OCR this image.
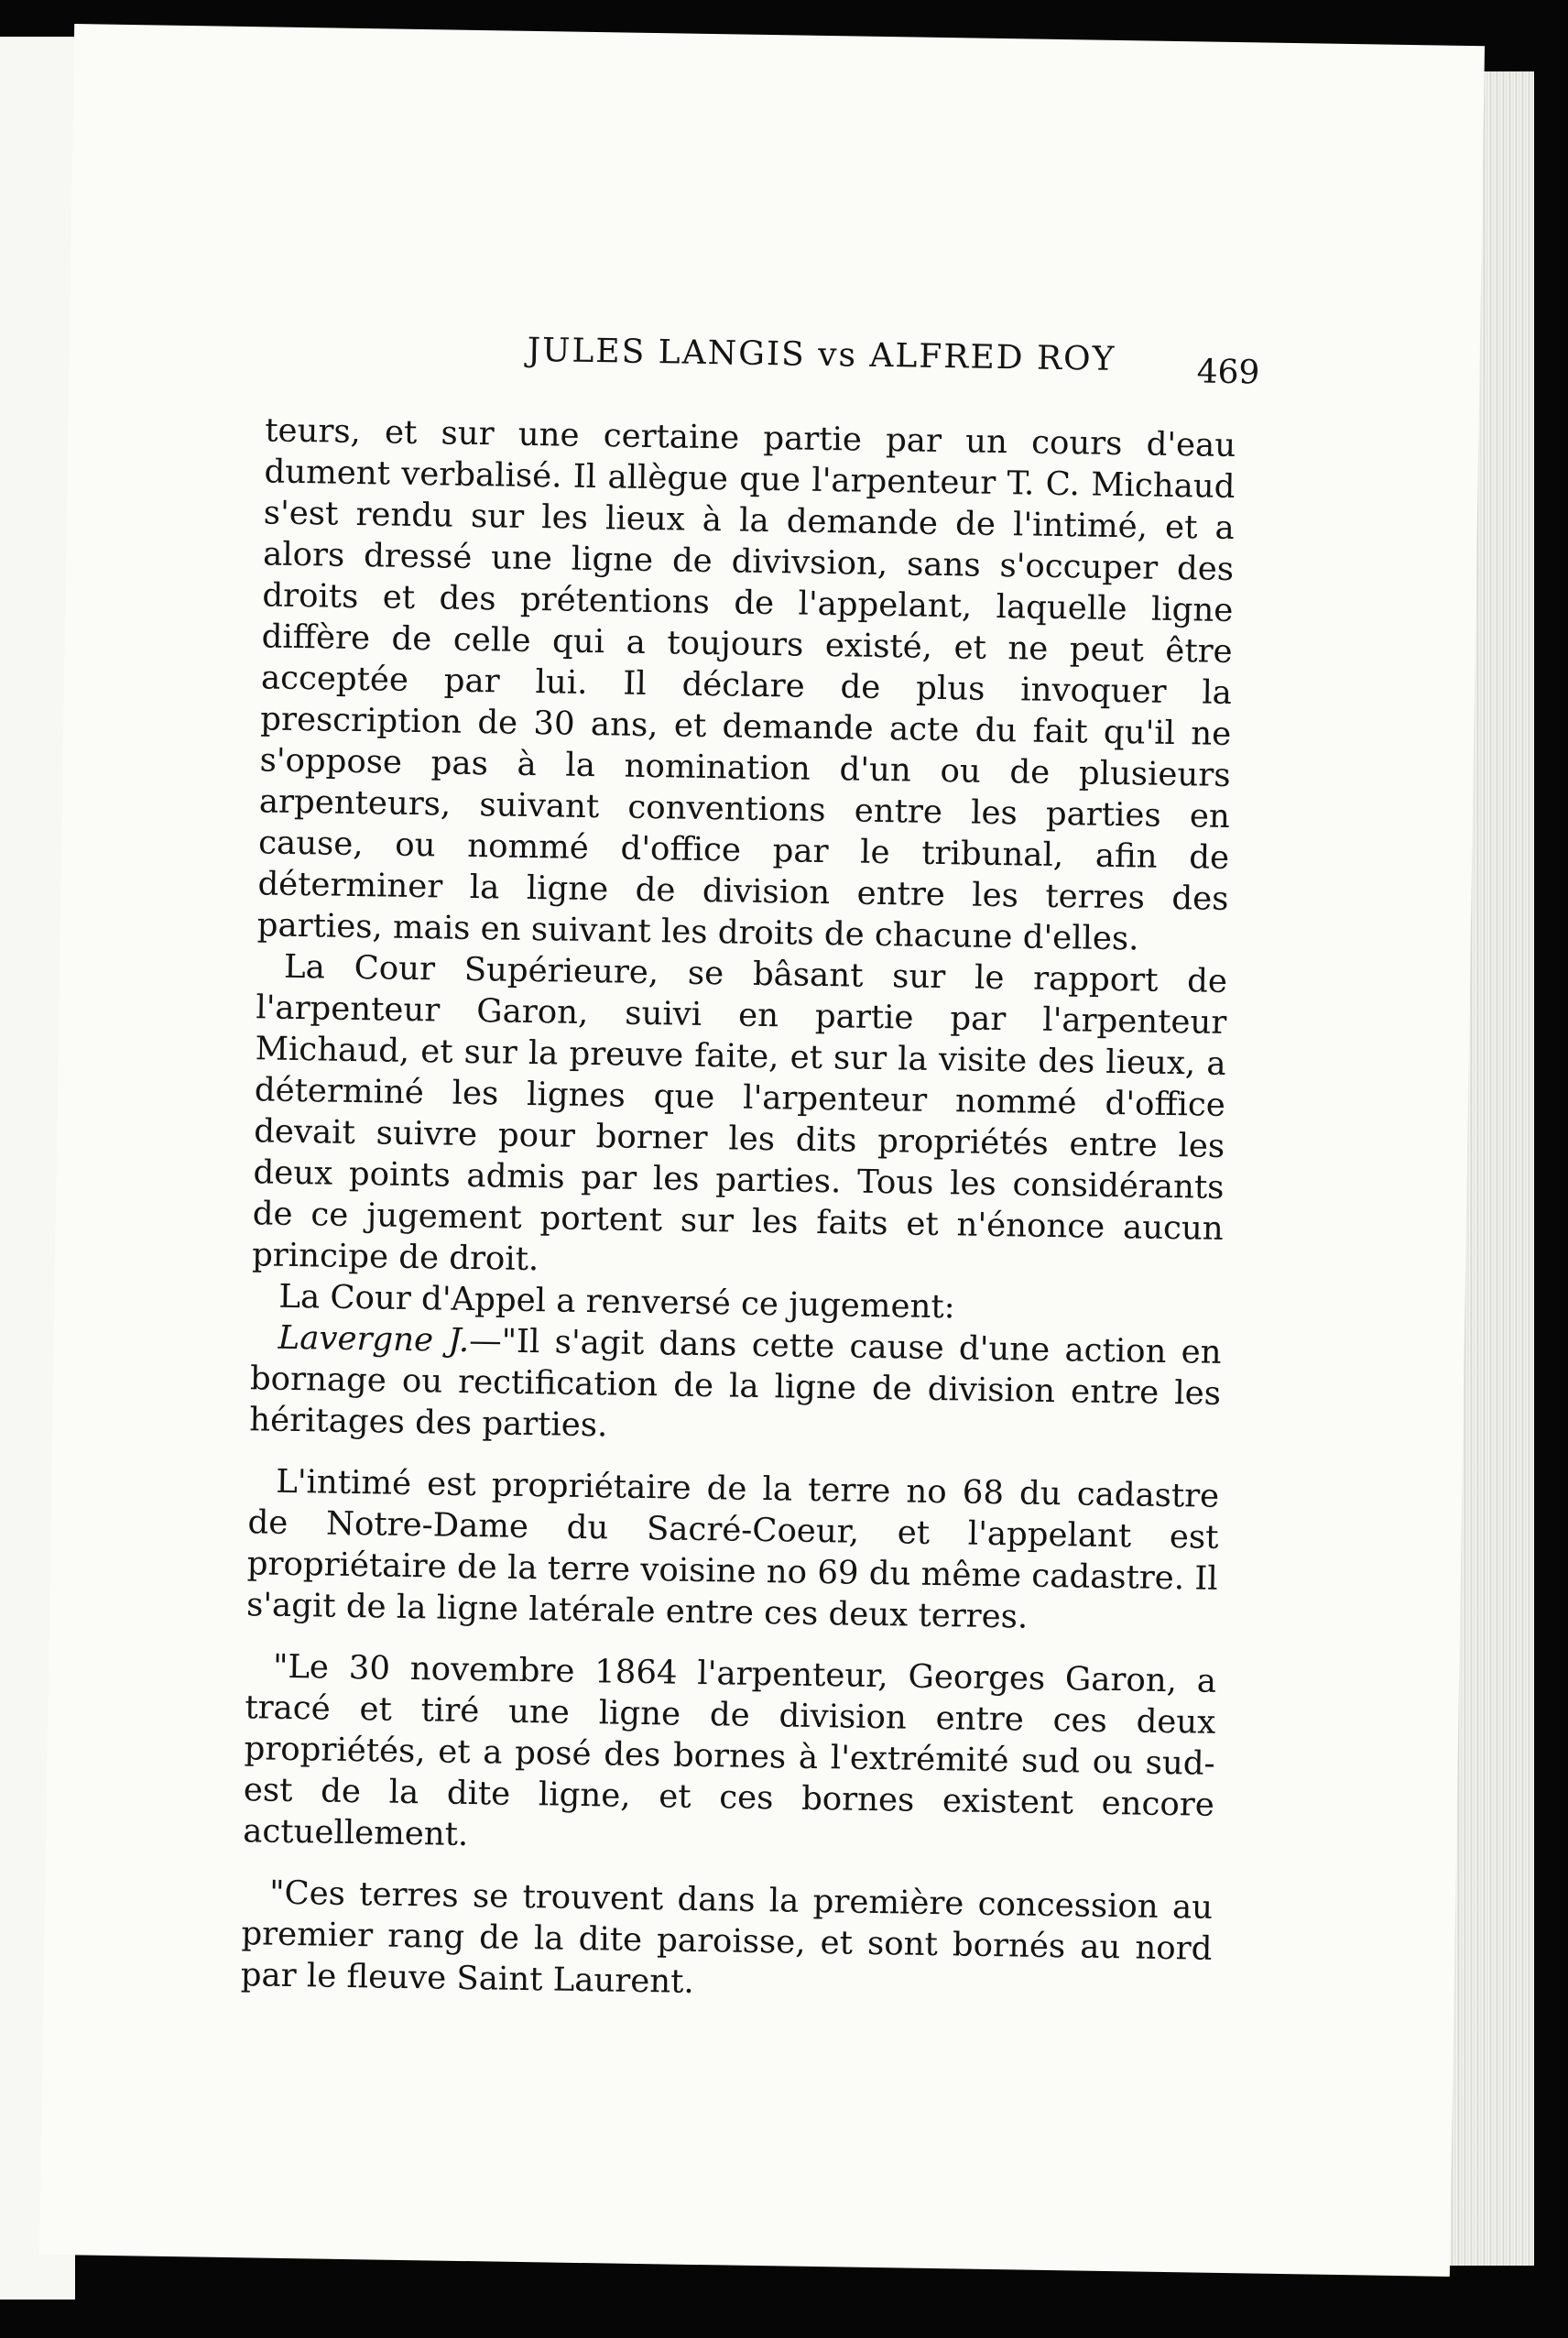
JULES LANGIS vs ALFRED ROY 469

teurs, et sur une certaine partie par un cours d'eau dument verbalisé. Il allègue que l'arpenteur T. C. Michaud s'est rendu sur les lieux à la demande de l'intimé, et a alors dressé une ligne de divivsion, sans s'occuper des droits et des prétentions de l'appelant, laquelle ligne diffère de celle qui a toujours existé, et ne peut être acceptée par lui. Il déclare de plus invoquer la prescription de 30 ans, et demande acte du fait qu'il ne s'oppose pas à la nomination d'un ou de plusieurs arpenteurs, suivant conventions entre les parties en cause, ou nommé d'office par le tribunal, afin de déterminer la ligne de division entre les terres des parties, mais en suivant les droits de chacune d'elles.

La Cour Supérieure, se bâsant sur le rapport de l'arpenteur Garon, suivi en partie par l'arpenteur Michaud, et sur la preuve faite, et sur la visite des lieux, a déterminé les lignes que l'arpenteur nommé d'office devait suivre pour borner les dits propriétés entre les deux points admis par les parties. Tous les considérants de ce jugement portent sur les faits et n'énonce aucun principe de droit.

La Cour d'Appel a renversé ce jugement:

Lavergne J.—"Il s'agit dans cette cause d'une action en bornage ou rectification de la ligne de division entre les héritages des parties.

L'intimé est propriétaire de la terre no 68 du cadastre de Notre-Dame du Sacré-Coeur, et l'appelant est propriétaire de la terre voisine no 69 du même cadastre. Il s'agit de la ligne latérale entre ces deux terres.

"Le 30 novembre 1864 l'arpenteur, Georges Garon, a tracé et tiré une ligne de division entre ces deux propriétés, et a posé des bornes à l'extrémité sud ou sud-est de la dite ligne, et ces bornes existent encore actuellement.

"Ces terres se trouvent dans la première concession au premier rang de la dite paroisse, et sont bornés au nord par le fleuve Saint Laurent.
